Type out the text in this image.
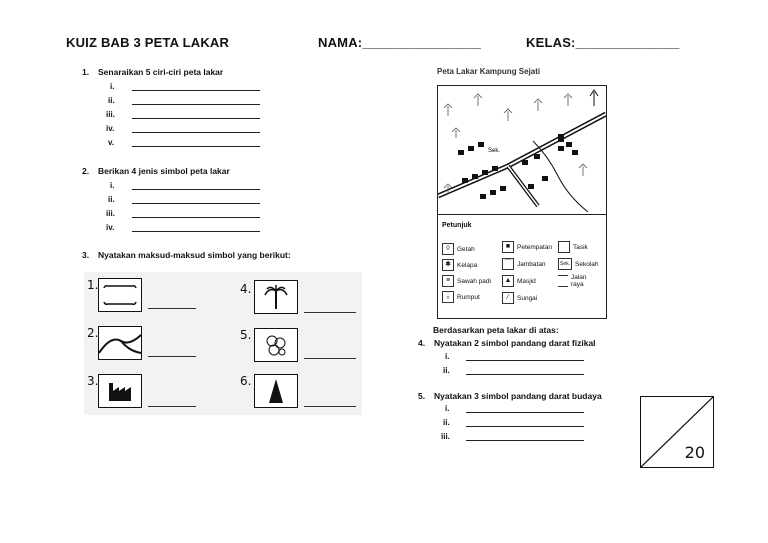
KUIZ BAB 3 PETA LAKAR	NAMA:________________	KELAS:______________
1. Senaraikan 5 ciri-ciri peta lakar
i.
ii.
iii.
iv.
v.
2. Berikan 4 jenis simbol peta lakar
i.
ii.
iii.
iv.
3. Nyatakan maksud-maksud simbol yang berikut:
1.
2.
3.
4.
5.
6.
Peta Lakar Kampung Sejati
Sek.
Petunjuk
◊	Getah
✱ Kelapa
≡	Sawah padi
ᵥ	Rumput
■	Petempatan
⌒ Jambatan
▲ Masjid
∕	Sungai
Tasik
Sek. Sekolah
Jalan raya
Berdasarkan peta lakar di atas:
4. Nyatakan 2 simbol pandang darat fizikal
i.
ii.
5. Nyatakan 3 simbol pandang darat budaya
i.
ii.
iii.
20
